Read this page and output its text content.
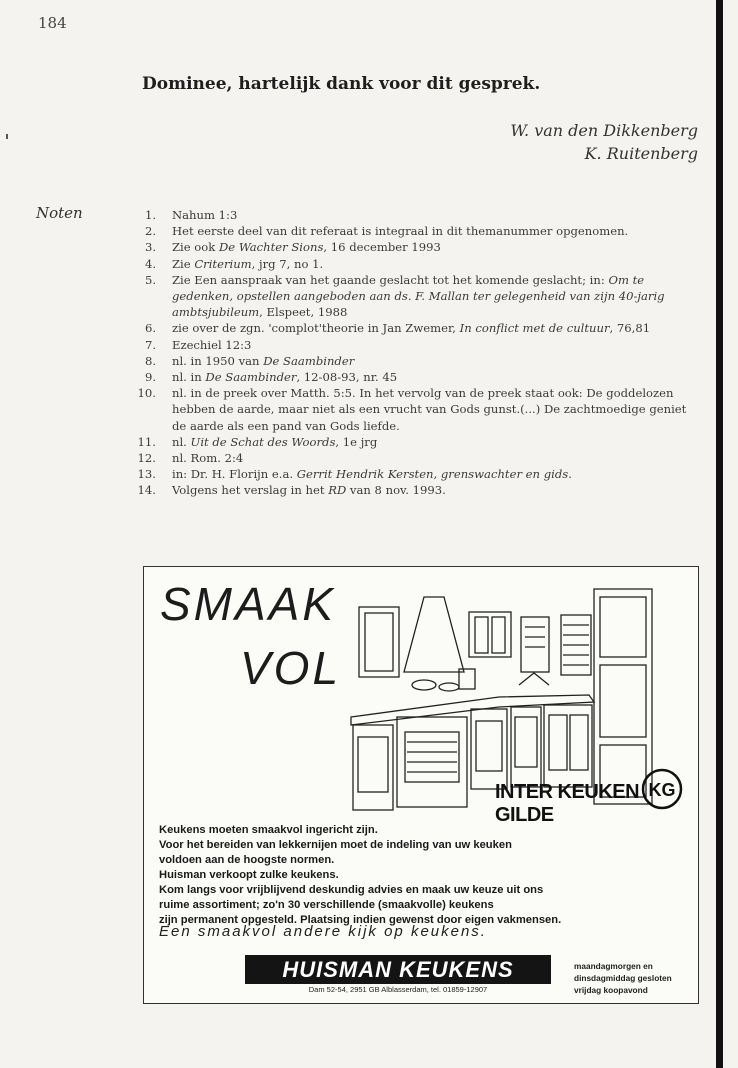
184
Dominee, hartelijk dank voor dit gesprek.
W. van den Dikkenberg
K. Ruitenberg
Noten	1. Nahum 1:3
2. Het eerste deel van dit referaat is integraal in dit themanummer opgenomen.
3. Zie ook De Wachter Sions, 16 december 1993
4. Zie Criterium, jrg 7, no 1.
5. Zie Een aanspraak van het gaande geslacht tot het komende geslacht; in: Om te gedenken, opstellen aangeboden aan ds. F. Mallan ter gelegenheid van zijn 40-jarig ambtsjubileum, Elspeet, 1988
6. zie over de zgn. 'complot'theorie in Jan Zwemer, In conflict met de cultuur, 76,81
7. Ezechiel 12:3
8. nl. in 1950 van De Saambinder
9. nl. in De Saambinder, 12-08-93, nr. 45
10. nl. in de preek over Matth. 5:5. In het vervolg van de preek staat ook: De goddelozen hebben de aarde, maar niet als een vrucht van Gods gunst.(...) De zachtmoedige geniet de aarde als een pand van Gods liefde.
11. nl. Uit de Schat des Woords, 1e jrg
12. nl. Rom. 2:4
13. in: Dr. H. Florijn e.a. Gerrit Hendrik Kersten, grenswachter en gids.
14. Volgens het verslag in het RD van 8 nov. 1993.
SMAAK
VOL
INTER KEUKEN GILDE
KG
Keukens moeten smaakvol ingericht zijn.
Voor het bereiden van lekkernijen moet de indeling van uw keuken
voldoen aan de hoogste normen.
Huisman verkoopt zulke keukens.
Kom langs voor vrijblijvend deskundig advies en maak uw keuze uit ons
ruime assortiment; zo'n 30 verschillende (smaakvolle) keukens
zijn permanent opgesteld. Plaatsing indien gewenst door eigen vakmensen.
Een smaakvol andere kijk op keukens.
HUISMAN KEUKENS
Dam 52-54, 2951 GB Alblasserdam, tel. 01859-12907
maandagmorgen en
dinsdagmiddag gesloten
vrijdag koopavond
